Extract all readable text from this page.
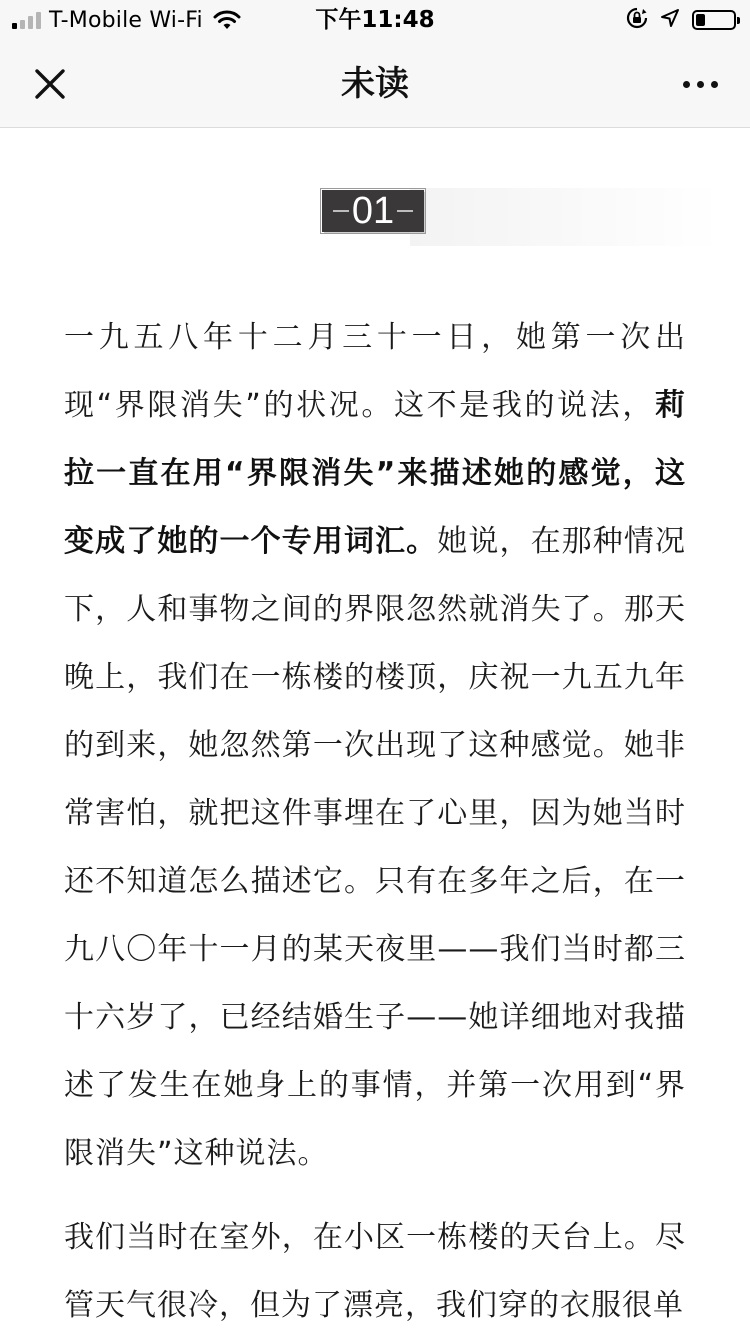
T-Mobile Wi-Fi	下午11:48
未读
01

一九五八年十二月三十一日，她第一次出现“界限消失”的状况。这不是我的说法，莉拉一直在用“界限消失”来描述她的感觉，这变成了她的一个专用词汇。她说，在那种情况下，人和事物之间的界限忽然就消失了。那天晚上，我们在一栋楼的楼顶，庆祝一九五九年的到来，她忽然第一次出现了这种感觉。她非常害怕，就把这件事埋在了心里，因为她当时还不知道怎么描述它。只有在多年之后，在一九八〇年十一月的某天夜里——我们当时都三十六岁了，已经结婚生子——她详细地对我描述了发生在她身上的事情，并第一次用到“界限消失”这种说法。

我们当时在室外，在小区一栋楼的天台上。尽管天气很冷，但为了漂亮，我们穿的衣服很单
